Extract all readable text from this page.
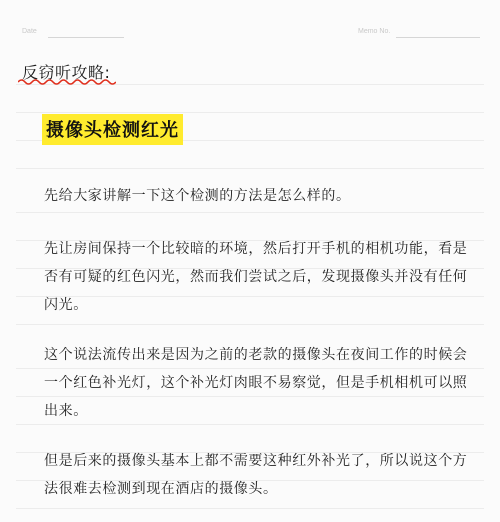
Date	Memo No.
反窃听攻略:
摄像头检测红光

先给大家讲解一下这个检测的方法是怎么样的。

先让房间保持一个比较暗的环境，然后打开手机的相机功能，看是否有可疑的红色闪光，然而我们尝试之后，发现摄像头并没有任何闪光。

这个说法流传出来是因为之前的老款的摄像头在夜间工作的时候会一个红色补光灯，这个补光灯肉眼不易察觉，但是手机相机可以照出来。

但是后来的摄像头基本上都不需要这种红外补光了，所以说这个方法很难去检测到现在酒店的摄像头。
